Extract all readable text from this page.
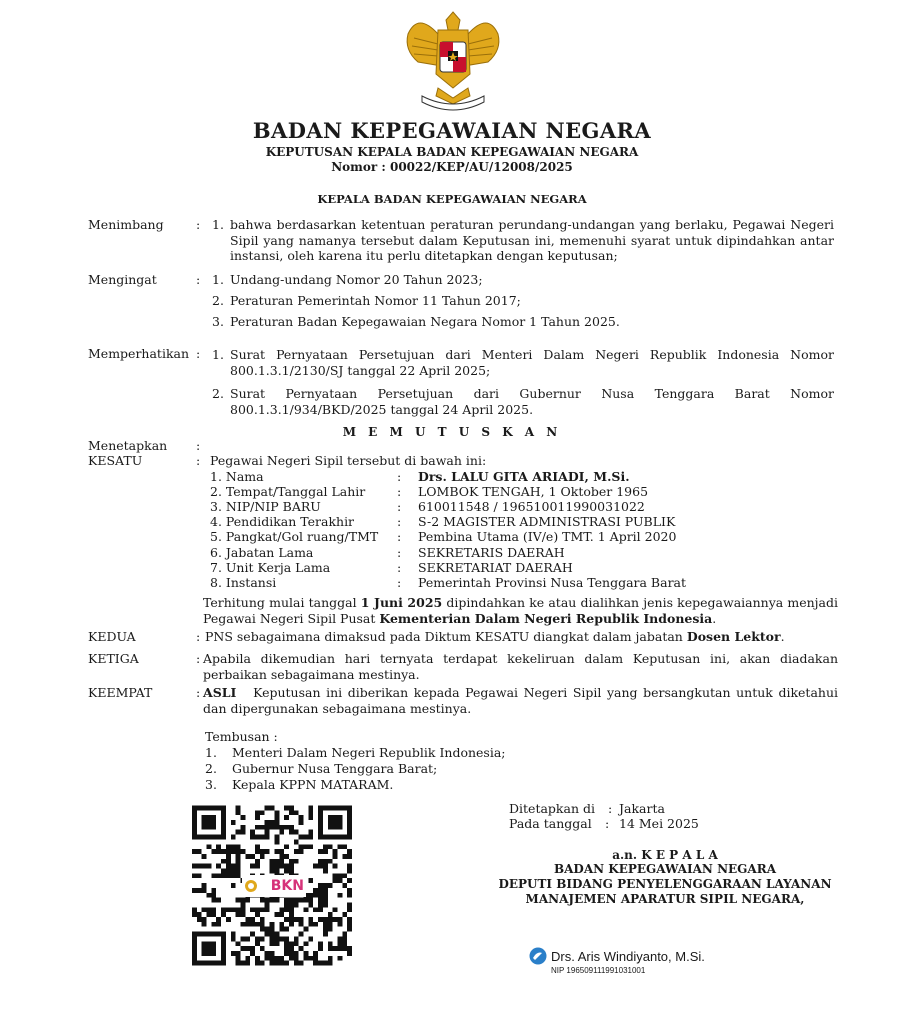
BADAN KEPEGAWAIAN NEGARA
KEPUTUSAN KEPALA BADAN KEPEGAWAIAN NEGARA
Nomor : 00022/KEP/AU/12008/2025
KEPALA BADAN KEPEGAWAIAN NEGARA
Menimbang	: 1. bahwa berdasarkan ketentuan peraturan perundang-undangan yang berlaku, Pegawai Negeri Sipil yang namanya tersebut dalam Keputusan ini, memenuhi syarat untuk dipindahkan antar instansi, oleh karena itu perlu ditetapkan dengan keputusan;
Mengingat	: 1. Undang-undang Nomor 20 Tahun 2023;
2. Peraturan Pemerintah Nomor 11 Tahun 2017;
3. Peraturan Badan Kepegawaian Negara Nomor 1 Tahun 2025.
Memperhatikan : 1. Surat Pernyataan Persetujuan dari Menteri Dalam Negeri Republik Indonesia Nomor 800.1.3.1/2130/SJ tanggal 22 April 2025;
2. Surat Pernyataan Persetujuan dari Gubernur Nusa Tenggara Barat Nomor 800.1.3.1/934/BKD/2025 tanggal 24 April 2025.
M E M U T U S K A N
Menetapkan :
KESATU	: Pegawai Negeri Sipil tersebut di bawah ini:
1. Nama	: Drs. LALU GITA ARIADI, M.Si.
2. Tempat/Tanggal Lahir	: LOMBOK TENGAH, 1 Oktober 1965
3. NIP/NIP BARU	: 610011548 / 196510011990031022
4. Pendidikan Terakhir	: S-2 MAGISTER ADMINISTRASI PUBLIK
5. Pangkat/Gol ruang/TMT : Pembina Utama (IV/e) TMT. 1 April 2020
6. Jabatan Lama	: SEKRETARIS DAERAH
7. Unit Kerja Lama	: SEKRETARIAT DAERAH
8. Instansi	: Pemerintah Provinsi Nusa Tenggara Barat
Terhitung mulai tanggal 1 Juni 2025 dipindahkan ke atau dialihkan jenis kepegawaiannya menjadi Pegawai Negeri Sipil Pusat Kementerian Dalam Negeri Republik Indonesia.
KEDUA	: PNS sebagaimana dimaksud pada Diktum KESATU diangkat dalam jabatan Dosen Lektor.
KETIGA	: Apabila dikemudian hari ternyata terdapat kekeliruan dalam Keputusan ini, akan diadakan perbaikan sebagaimana mestinya.
KEEMPAT	: ASLI Keputusan ini diberikan kepada Pegawai Negeri Sipil yang bersangkutan untuk diketahui dan dipergunakan sebagaimana mestinya.
Tembusan :
1. Menteri Dalam Negeri Republik Indonesia;
2. Gubernur Nusa Tenggara Barat;
3. Kepala KPPN MATARAM.
BKN
Ditetapkan di : Jakarta
Pada tanggal : 14 Mei 2025
a.n. K E P A L A
BADAN KEPEGAWAIAN NEGARA
DEPUTI BIDANG PENYELENGGARAAN LAYANAN
MANAJEMEN APARATUR SIPIL NEGARA,
Drs. Aris Windiyanto, M.Si.
NIP 196509111991031001
